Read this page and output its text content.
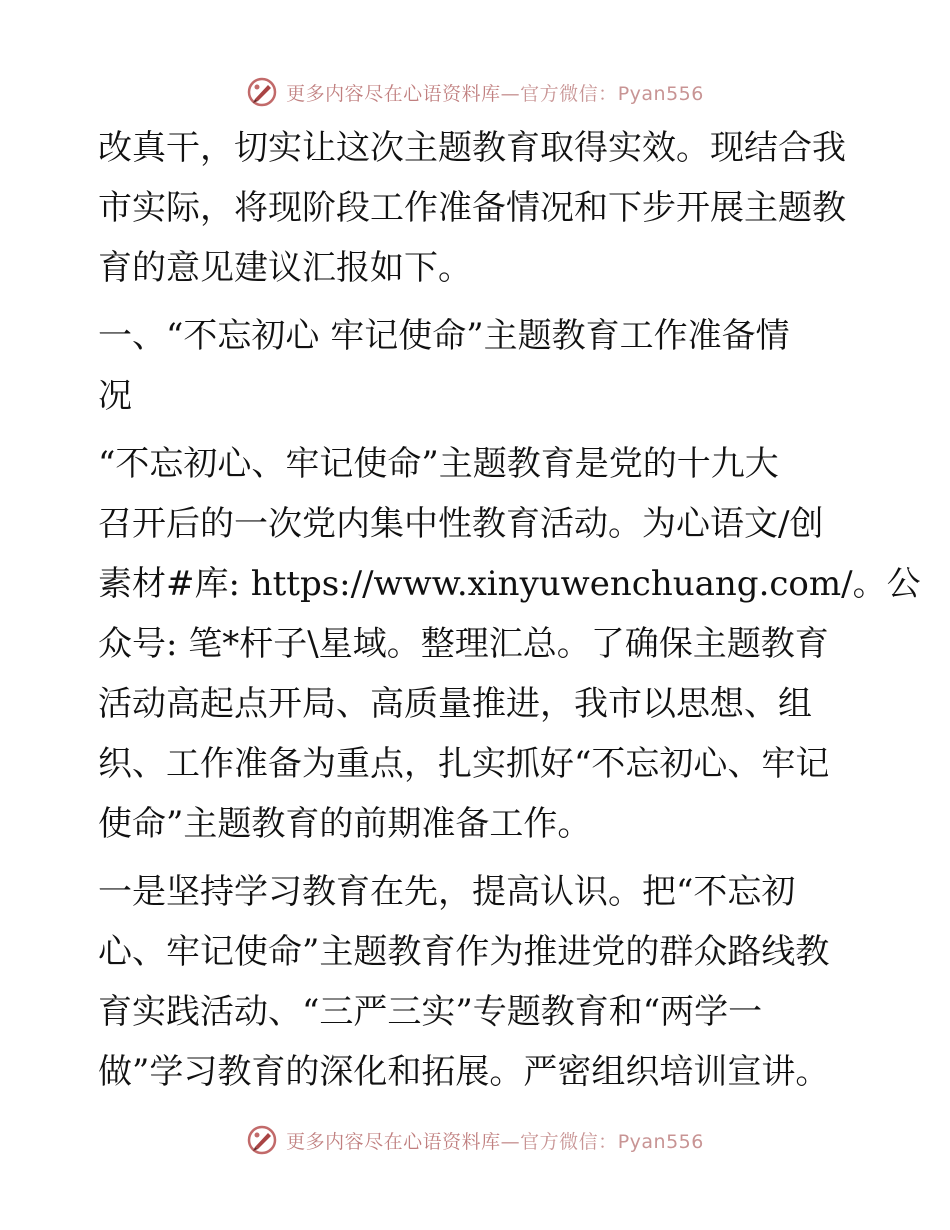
更多内容尽在心语资料库—官方微信：Pyan556
改真干，切实让这次主题教育取得实效。现结合我
市实际，将现阶段工作准备情况和下步开展主题教
育的意见建议汇报如下。
一、“不忘初心 牢记使命”主题教育工作准备情
况
“不忘初心、牢记使命”主题教育是党的十九大
召开后的一次党内集中性教育活动。为心语文/创
素材#库: https://www.xinyuwenchuang.com/。公
众号: 笔*杆子\星域。整理汇总。了确保主题教育
活动高起点开局、高质量推进，我市以思想、组
织、工作准备为重点，扎实抓好“不忘初心、牢记
使命”主题教育的前期准备工作。
一是坚持学习教育在先，提高认识。把“不忘初
心、牢记使命”主题教育作为推进党的群众路线教
育实践活动、“三严三实”专题教育和“两学一
做”学习教育的深化和拓展。严密组织培训宣讲。
更多内容尽在心语资料库—官方微信：Pyan556
